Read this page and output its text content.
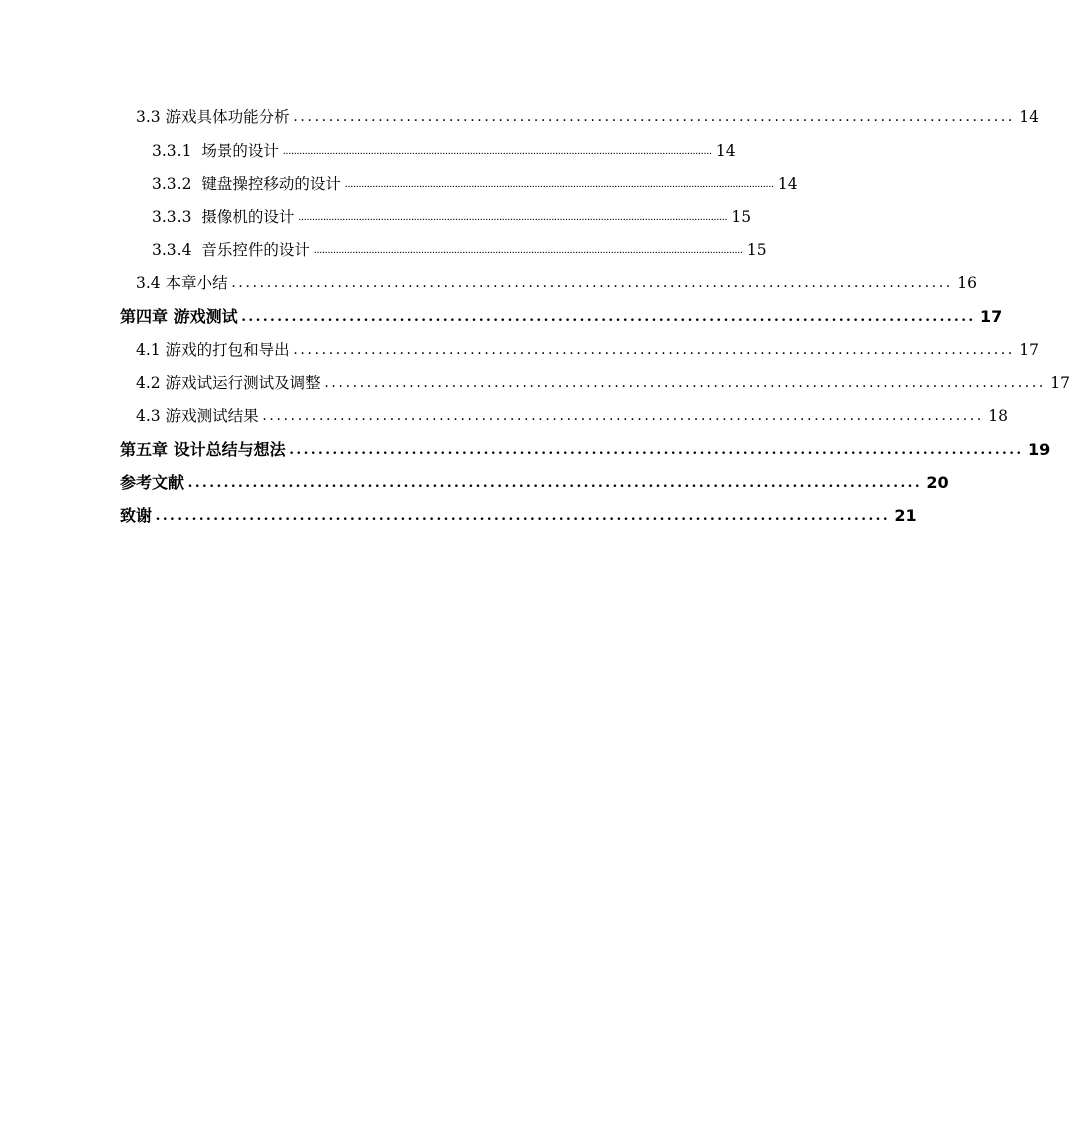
3.3 游戏具体功能分析 ...................................................................................................... 14
3.3.1 场景的设计 ............................................................................................................................................................ 14
3.3.2 键盘操控移动的设计 ............................................................................................................................................................ 14
3.3.3 摄像机的设计 ............................................................................................................................................................ 15
3.3.4 音乐控件的设计 ............................................................................................................................................................ 15
3.4 本章小结 ...................................................................................................... 16
第四章 游戏测试 ...................................................................................................... 17
4.1 游戏的打包和导出 ...................................................................................................... 17
4.2 游戏试运行测试及调整 ...................................................................................................... 17
4.3 游戏测试结果 ...................................................................................................... 18
第五章 设计总结与想法 ...................................................................................................... 19
参考文献 ...................................................................................................... 20
致谢 ...................................................................................................... 21
